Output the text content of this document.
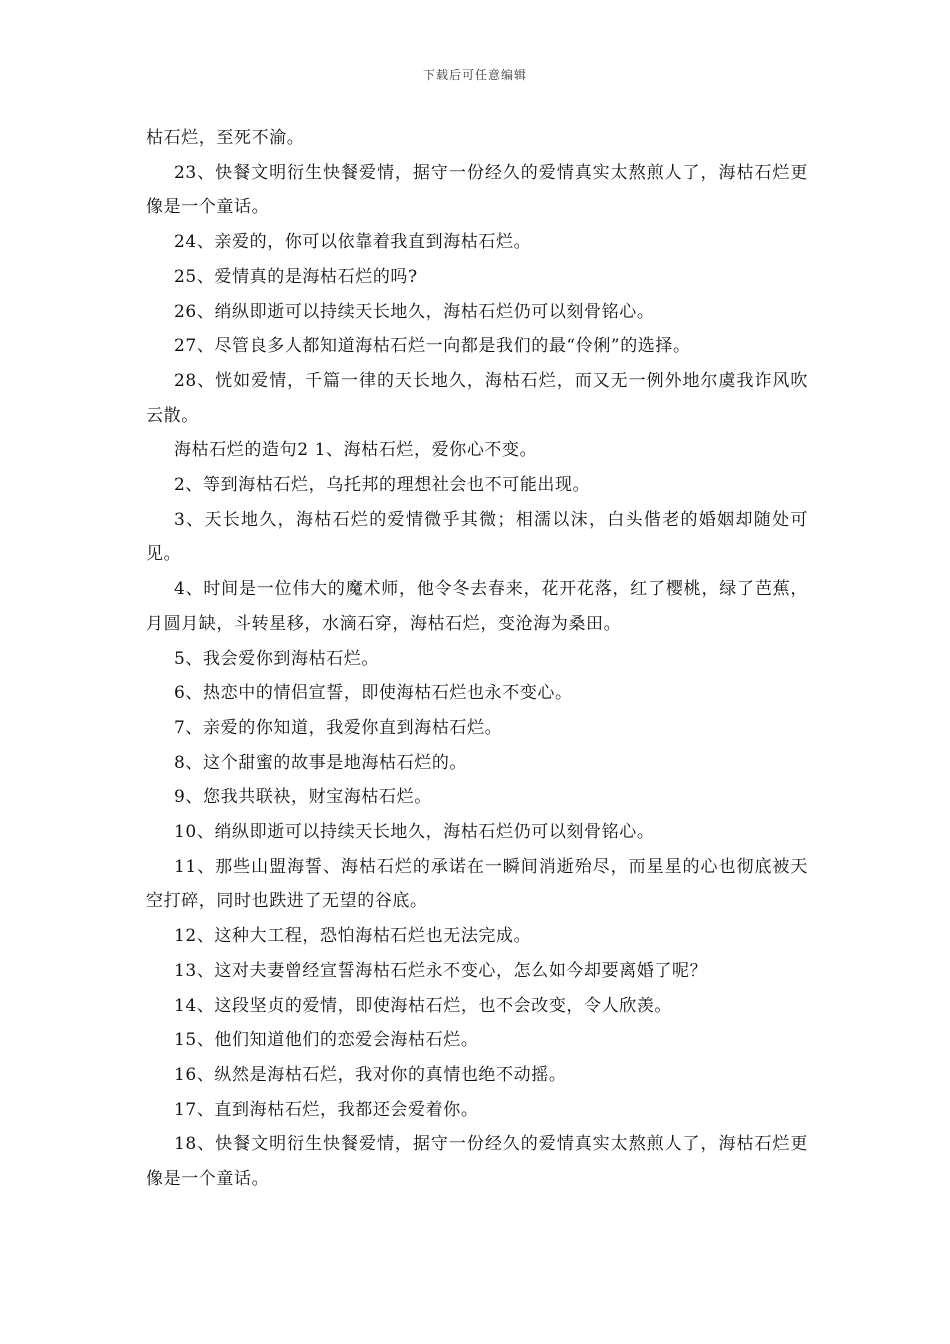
下载后可任意编辑

枯石烂，至死不渝。

23、快餐文明衍生快餐爱情，据守一份经久的爱情真实太熬煎人了，海枯石烂更像是一个童话。

24、亲爱的，你可以依靠着我直到海枯石烂。

25、爱情真的是海枯石烂的吗?

26、绡纵即逝可以持续天长地久，海枯石烂仍可以刻骨铭心。

27、尽管良多人都知道海枯石烂一向都是我们的最“伶俐”的选择。

28、恍如爱情，千篇一律的天长地久，海枯石烂，而又无一例外地尔虞我诈风吹云散。

海枯石烂的造句2 1、海枯石烂，爱你心不变。

2、等到海枯石烂，乌托邦的理想社会也不可能出现。

3、天长地久，海枯石烂的爱情微乎其微；相濡以沫，白头偕老的婚姻却随处可见。

4、时间是一位伟大的魔术师，他令冬去春来，花开花落，红了樱桃，绿了芭蕉，月圆月缺，斗转星移，水滴石穿，海枯石烂，变沧海为桑田。

5、我会爱你到海枯石烂。

6、热恋中的情侣宣誓，即使海枯石烂也永不变心。

7、亲爱的你知道，我爱你直到海枯石烂。

8、这个甜蜜的故事是地海枯石烂的。

9、您我共联袂，财宝海枯石烂。

10、绡纵即逝可以持续天长地久，海枯石烂仍可以刻骨铭心。

11、那些山盟海誓、海枯石烂的承诺在一瞬间消逝殆尽，而星星的心也彻底被天空打碎，同时也跌进了无望的谷底。

12、这种大工程，恐怕海枯石烂也无法完成。

13、这对夫妻曾经宣誓海枯石烂永不变心，怎么如今却要离婚了呢？

14、这段坚贞的爱情，即使海枯石烂，也不会改变，令人欣羡。

15、他们知道他们的恋爱会海枯石烂。

16、纵然是海枯石烂，我对你的真情也绝不动摇。

17、直到海枯石烂，我都还会爱着你。

18、快餐文明衍生快餐爱情，据守一份经久的爱情真实太熬煎人了，海枯石烂更像是一个童话。
